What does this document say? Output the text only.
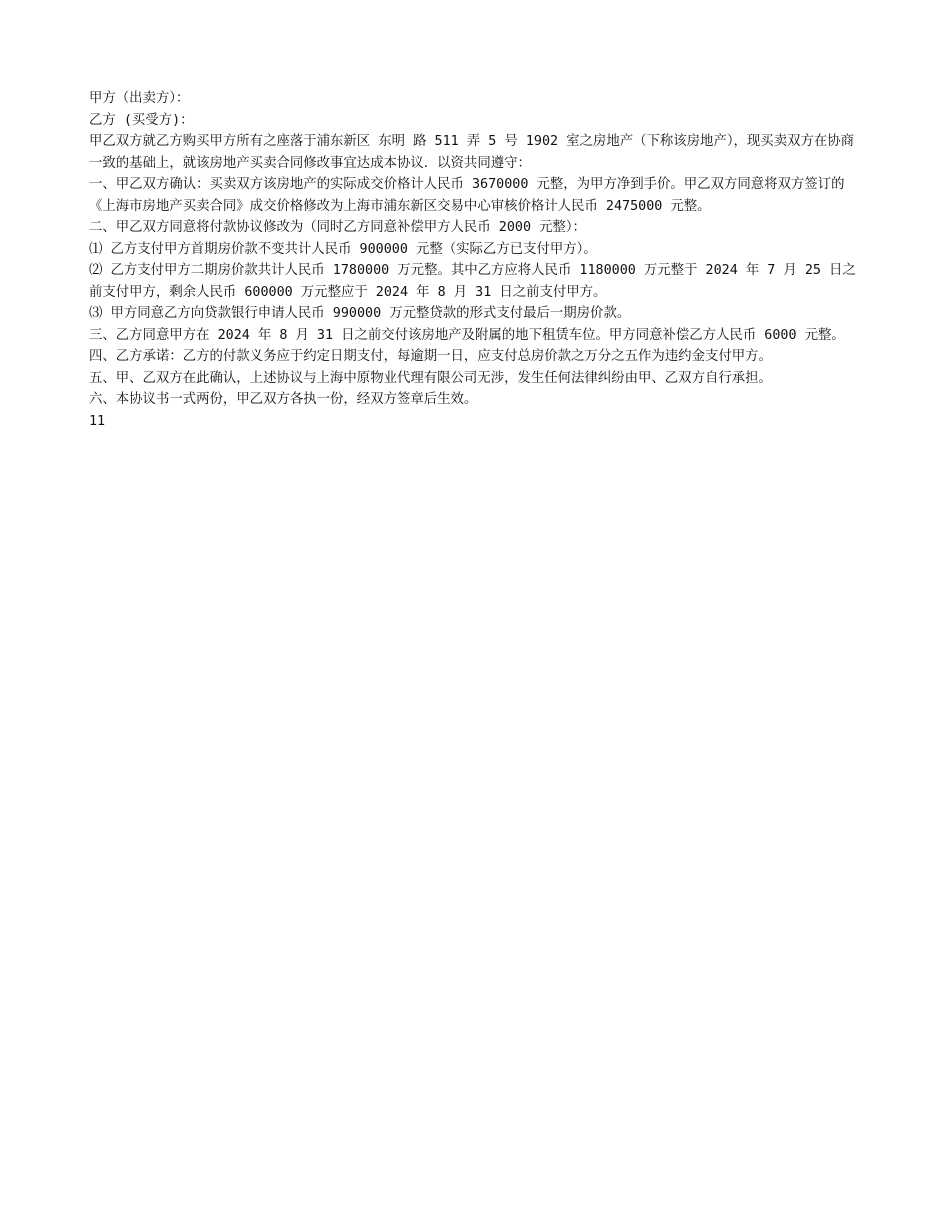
甲方（出卖方）：

乙方 (买受方)：

甲乙双方就乙方购买甲方所有之座落于浦东新区 东明 路 511 弄 5 号 1902 室之房地产（下称该房地产），现买卖双方在协商一致的基础上，就该房地产买卖合同修改事宜达成本协议．以资共同遵守：

一、甲乙双方确认：买卖双方该房地产的实际成交价格计人民币 3670000 元整，为甲方净到手价。甲乙双方同意将双方签订的《上海市房地产买卖合同》成交价格修改为上海市浦东新区交易中心审核价格计人民币 2475000 元整。

二、甲乙双方同意将付款协议修改为（同时乙方同意补偿甲方人民币 2000 元整）：

⑴ 乙方支付甲方首期房价款不变共计人民币 900000 元整（实际乙方已支付甲方）。

⑵ 乙方支付甲方二期房价款共计人民币 1780000 万元整。其中乙方应将人民币 1180000 万元整于 2024 年 7 月 25 日之前支付甲方，剩余人民币 600000 万元整应于 2024 年 8 月 31 日之前支付甲方。

⑶ 甲方同意乙方向贷款银行申请人民币 990000 万元整贷款的形式支付最后一期房价款。

三、乙方同意甲方在 2024 年 8 月 31 日之前交付该房地产及附属的地下租赁车位。甲方同意补偿乙方人民币 6000 元整。

四、乙方承诺：乙方的付款义务应于约定日期支付，每逾期一日，应支付总房价款之万分之五作为违约金支付甲方。

五、甲、乙双方在此确认，上述协议与上海中原物业代理有限公司无涉，发生任何法律纠纷由甲、乙双方自行承担。

六、本协议书一式两份，甲乙双方各执一份，经双方签章后生效。

11
